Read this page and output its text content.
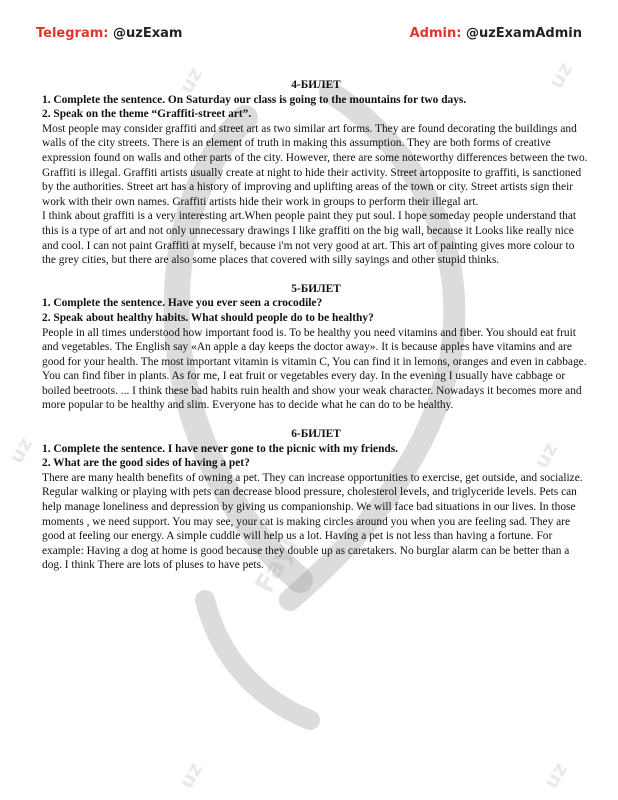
Telegram: @uzExam	Admin: @uzExamAdmin
uz	uz
uz	uz
uz	uz
Fayl
4-БИЛЕТ
1. Complete the sentence. On Saturday our class is going to the mountains for two days.
2. Speak on the theme “Graffiti-street art”.

Most people may consider graffiti and street art as two similar art forms. They are found decorating the buildings and walls of the city streets. There is an element of truth in making this assumption. They are both forms of creative expression found on walls and other parts of the city. However, there are some noteworthy differences between the two. Graffiti is illegal. Graffiti artists usually create at night to hide their activity. Street artopposite to graffiti, is sanctioned by the authorities. Street art has a history of improving and uplifting areas of the town or city. Street artists sign their work with their own names. Graffiti artists hide their work in groups to perform their illegal art.

I think about graffiti is a very interesting art.When people paint they put soul. I hope someday people understand that this is a type of art and not only unnecessary drawings I like graffiti on the big wall, because it Looks like really nice and cool. I can not paint Graffiti at myself, because i'm not very good at art. This art of painting gives more colour to the grey cities, but there are also some places that covered with silly sayings and other stupid thinks.

5-БИЛЕТ
1. Complete the sentence. Have you ever seen a crocodile?
2. Speak about healthy habits. What should people do to be healthy?

People in all times understood how important food is. To be healthy you need vitamins and fiber. You should eat fruit and vegetables. The English say «An apple a day keeps the doctor away». It is because apples have vitamins and are good for your health. The most important vitamin is vitamin C, You can find it in lemons, oranges and even in cabbage. You can find fiber in plants. As for me, I eat fruit or vegetables every day. In the evening I usually have cabbage or boiled beetroots. ... I think these bad habits ruin health and show your weak character. Nowadays it becomes more and more popular to be healthy and slim. Everyone has to decide what he can do to be healthy.

6-БИЛЕТ
1. Complete the sentence. I have never gone to the picnic with my friends.
2. What are the good sides of having a pet?

There are many health benefits of owning a pet. They can increase opportunities to exercise, get outside, and socialize. Regular walking or playing with pets can decrease blood pressure, cholesterol levels, and triglyceride levels. Pets can help manage loneliness and depression by giving us companionship. We will face bad situations in our lives. In those moments , we need support. You may see, your cat is making circles around you when you are feeling sad. They are good at feeling our energy. A simple cuddle will help us a lot. Having a pet is not less than having a fortune. For example: Having a dog at home is good because they double up as caretakers. No burglar alarm can be better than a dog. I think There are lots of pluses to have pets.
